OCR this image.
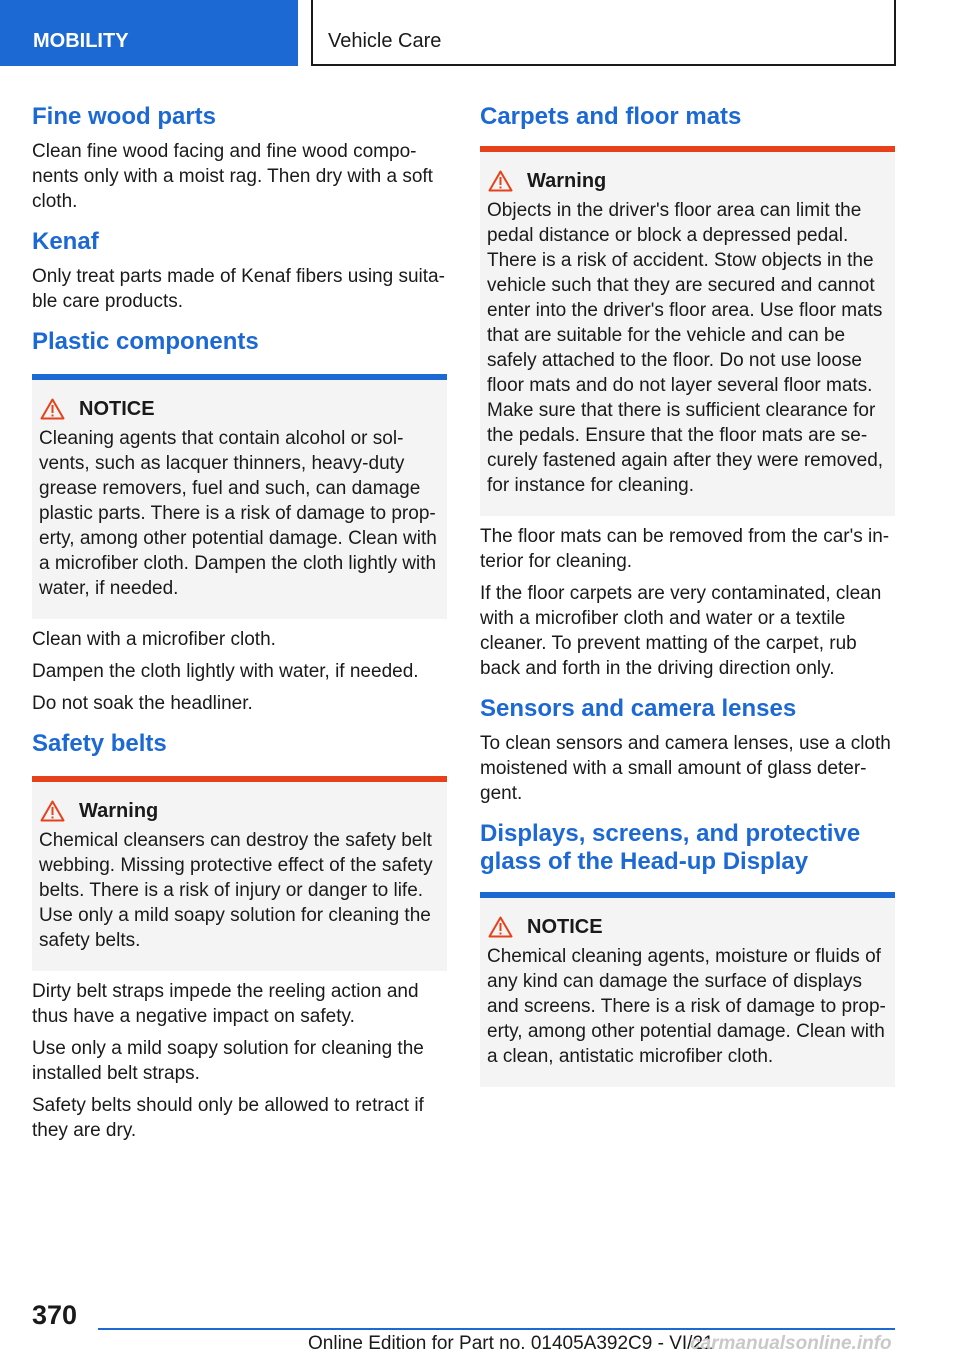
MOBILITY	Vehicle Care
Fine wood parts
Clean fine wood facing and fine wood compo-
nents only with a moist rag. Then dry with a soft
cloth.
Kenaf
Only treat parts made of Kenaf fibers using suita-
ble care products.
Plastic components
NOTICE
Cleaning agents that contain alcohol or sol-
vents, such as lacquer thinners, heavy-duty
grease removers, fuel and such, can damage
plastic parts. There is a risk of damage to prop-
erty, among other potential damage. Clean with
a microfiber cloth. Dampen the cloth lightly with
water, if needed.
Clean with a microfiber cloth.
Dampen the cloth lightly with water, if needed.
Do not soak the headliner.
Safety belts
Warning
Chemical cleansers can destroy the safety belt
webbing. Missing protective effect of the safety
belts. There is a risk of injury or danger to life.
Use only a mild soapy solution for cleaning the
safety belts.
Dirty belt straps impede the reeling action and
thus have a negative impact on safety.
Use only a mild soapy solution for cleaning the
installed belt straps.
Safety belts should only be allowed to retract if
they are dry.
Carpets and floor mats
Warning
Objects in the driver's floor area can limit the
pedal distance or block a depressed pedal.
There is a risk of accident. Stow objects in the
vehicle such that they are secured and cannot
enter into the driver's floor area. Use floor mats
that are suitable for the vehicle and can be
safely attached to the floor. Do not use loose
floor mats and do not layer several floor mats.
Make sure that there is sufficient clearance for
the pedals. Ensure that the floor mats are se-
curely fastened again after they were removed,
for instance for cleaning.
The floor mats can be removed from the car's in-
terior for cleaning.
If the floor carpets are very contaminated, clean
with a microfiber cloth and water or a textile
cleaner. To prevent matting of the carpet, rub
back and forth in the driving direction only.
Sensors and camera lenses
To clean sensors and camera lenses, use a cloth
moistened with a small amount of glass deter-
gent.
Displays, screens, and protective
glass of the Head-up Display
NOTICE
Chemical cleaning agents, moisture or fluids of
any kind can damage the surface of displays
and screens. There is a risk of damage to prop-
erty, among other potential damage. Clean with
a clean, antistatic microfiber cloth.
370
Online Edition for Part no. 01405A392C9 - VI/21
carmanualsonline.info
